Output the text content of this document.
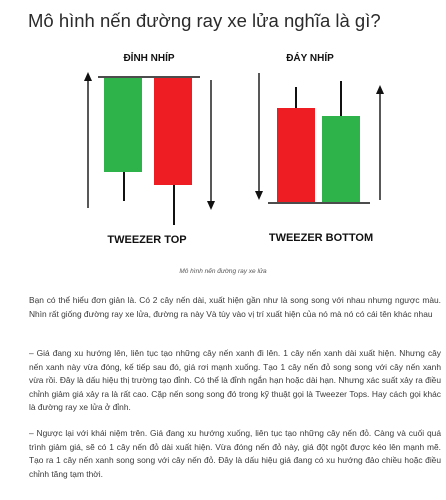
Mô hình nến đường ray xe lửa nghĩa là gì?
ĐỈNH NHÍP	ĐÁY NHÍP
TWEEZER TOP	TWEEZER BOTTOM
Mô hình nến đường ray xe lửa

Bạn có thể hiểu đơn giản là. Có 2 cây nến dài, xuất hiện gần như là song song với nhau nhưng ngược màu. Nhìn rất giống đường ray xe lửa, đường ra này Và tùy vào vị trí xuất hiện của nó mà nó có cái tên khác nhau

– Giá đang xu hướng lên, liên tục tạo những cây nến xanh đi lên. 1 cây nến xanh dài xuất hiện. Nhưng cây nến xanh này vừa đóng, kế tiếp sau đó, giá rơi mạnh xuống. Tạo 1 cây nến đỏ song song với cây nến xanh vừa rồi. Đây là dấu hiệu thị trường tạo đỉnh. Có thể là đỉnh ngắn hạn hoặc dài hạn. Nhưng xác suất xảy ra điều chỉnh giảm giá xảy ra là rất cao. Cặp nến song song đó trong kỹ thuật gọi là Tweezer Tops. Hay cách gọi khác là đường ray xe lửa ở đỉnh.

– Ngược lại với khái niệm trên. Giá đang xu hướng xuống, liên tục tạo những cây nến đỏ. Càng và cuối quá trình giảm giá, sẽ có 1 cây nến đỏ dài xuất hiện. Vừa đóng nến đỏ này, giá đột ngột được kéo lên mạnh mẽ. Tạo ra 1 cây nến xanh song song với cây nến đỏ. Đây là dấu hiệu giá đang có xu hướng đảo chiều hoặc điều chỉnh tăng tạm thời.
